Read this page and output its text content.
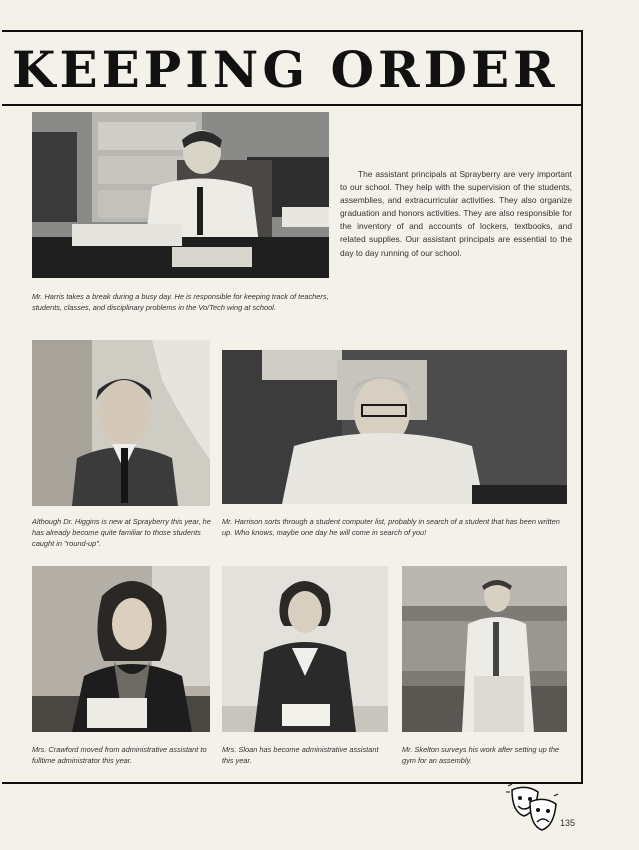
KEEPING ORDER
Mr. Harris takes a break during a busy day. He is responsible for keeping track of teachers, students, classes, and disciplinary problems in the Vo/Tech wing at school.
The assistant principals at Sprayberry are very important to our school. They help with the supervision of the students, assemblies, and extracurricular activities. They also organize graduation and honors activities. They are also responsible for the inventory of and accounts of lockers, textbooks, and related supplies. Our assistant principals are essential to the day to day running of our school.
Although Dr. Higgins is new at Sprayberry this year, he has already become quite familiar to those students caught in "round-up".
Mr. Harrison sorts through a student computer list, probably in search of a student that has been written up. Who knows, maybe one day he will come in search of you!
Mrs. Crawford moved from administrative assistant to fulltime administrator this year.
Mrs. Sloan has become administrative assistant this year.
Mr. Skelton surveys his work after setting up the gym for an assembly.
135
